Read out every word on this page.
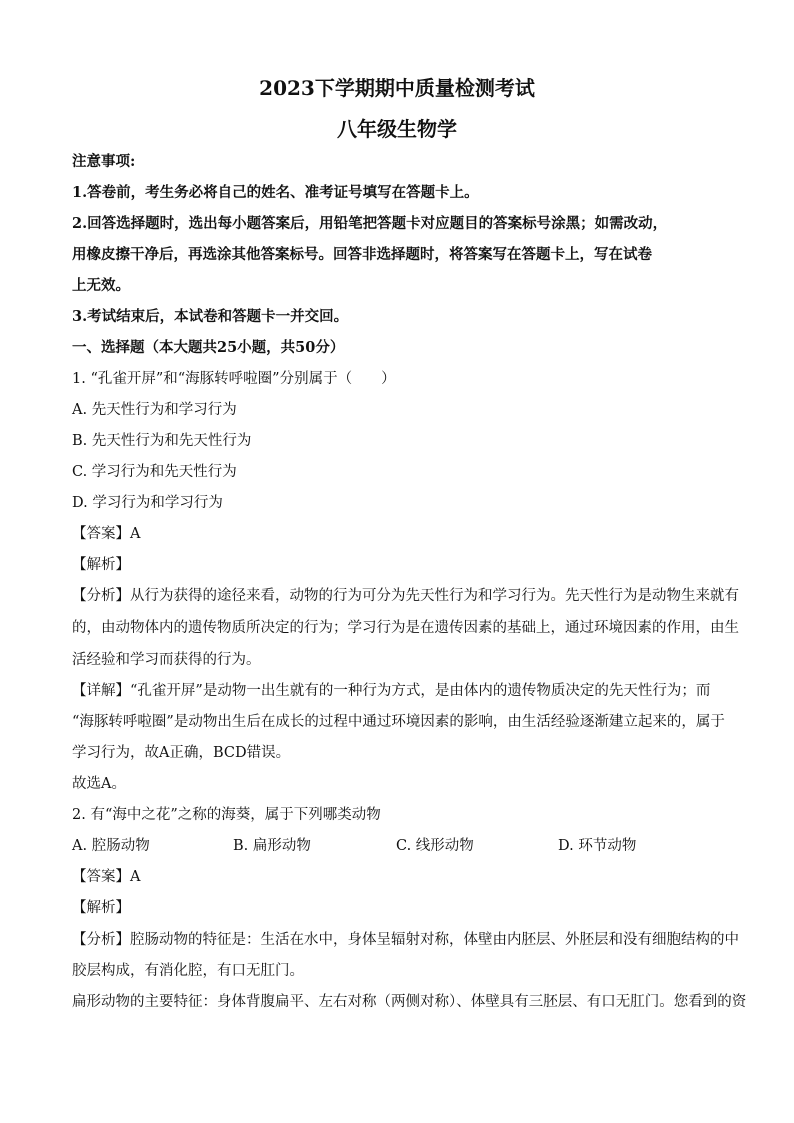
2023下学期期中质量检测考试
八年级生物学
注意事项:
1.答卷前，考生务必将自己的姓名、准考证号填写在答题卡上。
2.回答选择题时，选出每小题答案后，用铅笔把答题卡对应题目的答案标号涂黑；如需改动，
用橡皮擦干净后，再选涂其他答案标号。回答非选择题时，将答案写在答题卡上，写在试卷
上无效。
3.考试结束后，本试卷和答题卡一并交回。
一、选择题（本大题共25小题，共50分）
1. “孔雀开屏”和“海豚转呼啦圈”分别属于（　　）
A. 先天性行为和学习行为
B. 先天性行为和先天性行为
C. 学习行为和先天性行为
D. 学习行为和学习行为
【答案】A
【解析】
【分析】从行为获得的途径来看，动物的行为可分为先天性行为和学习行为。先天性行为是动物生来就有
的，由动物体内的遗传物质所决定的行为；学习行为是在遗传因素的基础上，通过环境因素的作用，由生
活经验和学习而获得的行为。
【详解】“孔雀开屏”是动物一出生就有的一种行为方式，是由体内的遗传物质决定的先天性行为；而
“海豚转呼啦圈”是动物出生后在成长的过程中通过环境因素的影响，由生活经验逐渐建立起来的，属于
学习行为，故A正确，BCD错误。
故选A。
2. 有“海中之花”之称的海葵，属于下列哪类动物
A. 腔肠动物	B. 扁形动物	C. 线形动物	D. 环节动物
【答案】A
【解析】
【分析】腔肠动物的特征是：生活在水中，身体呈辐射对称，体壁由内胚层、外胚层和没有细胞结构的中
胶层构成，有消化腔，有口无肛门。
扁形动物的主要特征：身体背腹扁平、左右对称（两侧对称）、体壁具有三胚层、有口无肛门。您看到的资
